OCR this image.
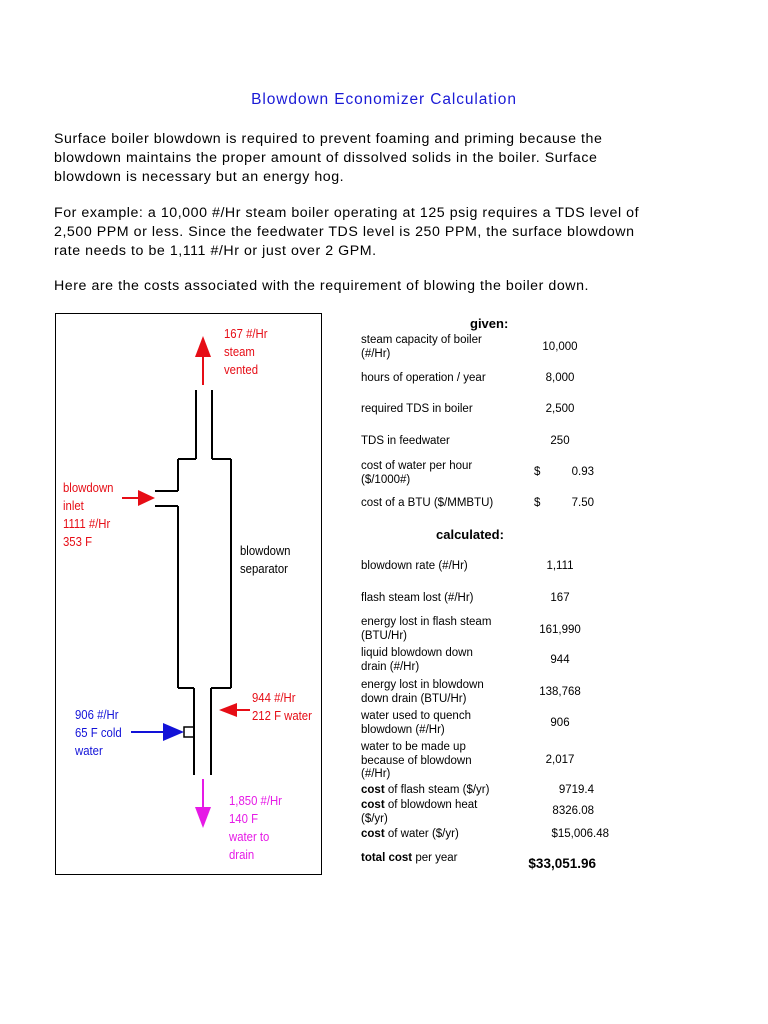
Blowdown Economizer Calculation

Surface boiler blowdown is required to prevent foaming and priming because the
blowdown maintains the proper amount of dissolved solids in the boiler. Surface
blowdown is necessary but an energy hog.

For example: a 10,000 #/Hr steam boiler operating at 125 psig requires a TDS level of
2,500 PPM or less. Since the feedwater TDS level is 250 PPM, the surface blowdown
rate needs to be 1,111 #/Hr or just over 2 GPM.

Here are the costs associated with the requirement of blowing the boiler down.

167 #/Hr
steam
vented
blowdown
inlet
1111 #/Hr
353 F
blowdown
separator
944 #/Hr
212 F water
906 #/Hr
65 F cold
water
1,850 #/Hr
140 F
water to
drain
given:
steam capacity of boiler
(#/Hr)
10,000
hours of operation / year	8,000
required TDS in boiler	2,500
TDS in feedwater	250
cost of water per hour
($/1000#)
$	0.93
cost of a BTU ($/MMBTU)	$	7.50
calculated:
blowdown rate (#/Hr)	1,111
flash steam lost (#/Hr)	167
energy lost in flash steam
(BTU/Hr)	161,990
liquid blowdown down
drain (#/Hr)
944
energy lost in blowdown
down drain (BTU/Hr)
138,768
water used to quench
blowdown (#/Hr)
906
water to be made up
because of blowdown
(#/Hr)
2,017
cost of flash steam ($/yr)	9719.4
cost of blowdown heat
($/yr)
8326.08
cost of water ($/yr)	$15,006.48
total cost per year	$33,051.96
